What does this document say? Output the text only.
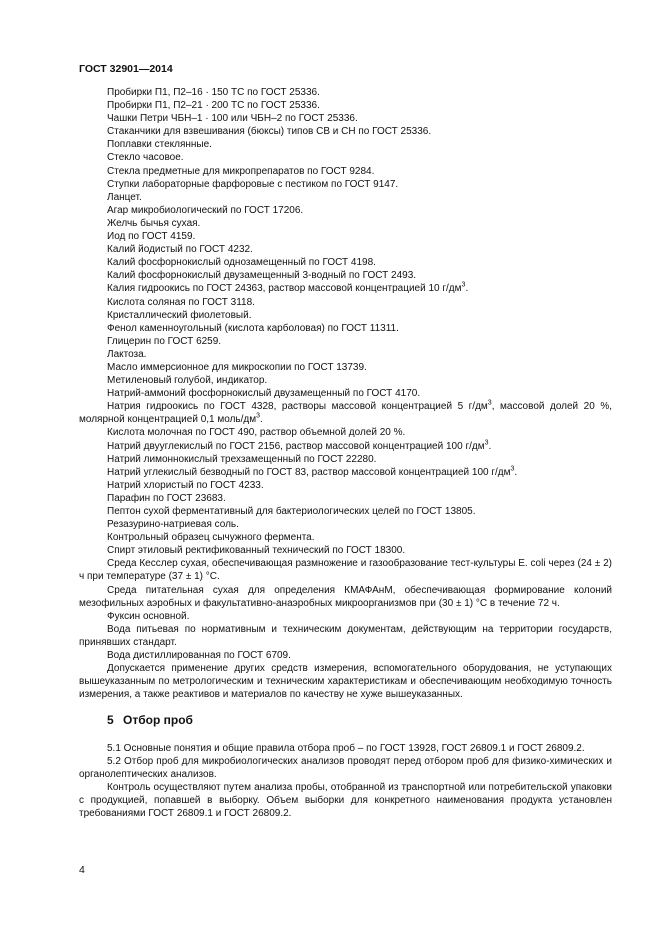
ГОСТ 32901—2014

Пробирки П1, П2–16 · 150 ТС по ГОСТ 25336.

Пробирки П1, П2–21 · 200 ТС по ГОСТ 25336.

Чашки Петри ЧБН–1 · 100 или ЧБН–2 по ГОСТ 25336.

Стаканчики для взвешивания (бюксы) типов СВ и СН по ГОСТ 25336.

Поплавки стеклянные.

Стекло часовое.

Стекла предметные для микропрепаратов по ГОСТ 9284.

Ступки лабораторные фарфоровые с пестиком по ГОСТ 9147.

Ланцет.

Агар микробиологический по ГОСТ 17206.

Желчь бычья сухая.

Иод по ГОСТ 4159.

Калий йодистый по ГОСТ 4232.

Калий фосфорнокислый однозамещенный по ГОСТ 4198.

Калий фосфорнокислый двузамещенный 3-водный по ГОСТ 2493.

Калия гидроокись по ГОСТ 24363, раствор массовой концентрацией 10 $г/дм^3$.

Кислота соляная по ГОСТ 3118.

Кристаллический фиолетовый.

Фенол каменноугольный (кислота карболовая) по ГОСТ 11311.

Глицерин по ГОСТ 6259.

Лактоза.

Масло иммерсионное для микроскопии по ГОСТ 13739.

Метиленовый голубой, индикатор.

Натрий-аммоний фосфорнокислый двузамещенный по ГОСТ 4170.

Натрия гидроокись по ГОСТ 4328, растворы массовой концентрацией 5 $г/дм^3$, массовой долей 20 %, молярной концентрацией 0,1 моль/$дм^3$.

Кислота молочная по ГОСТ 490, раствор объемной долей 20 %.

Натрий двууглекислый по ГОСТ 2156, раствор массовой концентрацией 100 $г/дм^3$.

Натрий лимоннокислый трехзамещенный по ГОСТ 22280.

Натрий углекислый безводный по ГОСТ 83, раствор массовой концентрацией 100 $г/дм^3$.

Натрий хлористый по ГОСТ 4233.

Парафин по ГОСТ 23683.

Пептон сухой ферментативный для бактериологических целей по ГОСТ 13805.

Резазурино-натриевая соль.

Контрольный образец сычужного фермента.

Спирт этиловый ректификованный технический по ГОСТ 18300.

Среда Кесслер сухая, обеспечивающая размножение и газообразование тест-культуры E. coli через (24 ± 2) ч при температуре (37 ± 1) °C.

Среда питательная сухая для определения КМАФАнМ, обеспечивающая формирование колоний мезофильных аэробных и факультативно-анаэробных микроорганизмов при (30 ± 1) °C в течение 72 ч.

Фуксин основной.

Вода питьевая по нормативным и техническим документам, действующим на территории государств, принявших стандарт.

Вода дистиллированная по ГОСТ 6709.

Допускается применение других средств измерения, вспомогательного оборудования, не уступающих вышеуказанным по метрологическим и техническим характеристикам и обеспечивающим необходимую точность измерения, а также реактивов и материалов по качеству не хуже вышеуказанных.

5 Отбор проб

5.1 Основные понятия и общие правила отбора проб – по ГОСТ 13928, ГОСТ 26809.1 и ГОСТ 26809.2.

5.2 Отбор проб для микробиологических анализов проводят перед отбором проб для физико-химических и органолептических анализов.

Контроль осуществляют путем анализа пробы, отобранной из транспортной или потребительской упаковки с продукцией, попавшей в выборку. Объем выборки для конкретного наименования продукта установлен требованиями ГОСТ 26809.1 и ГОСТ 26809.2.

4
